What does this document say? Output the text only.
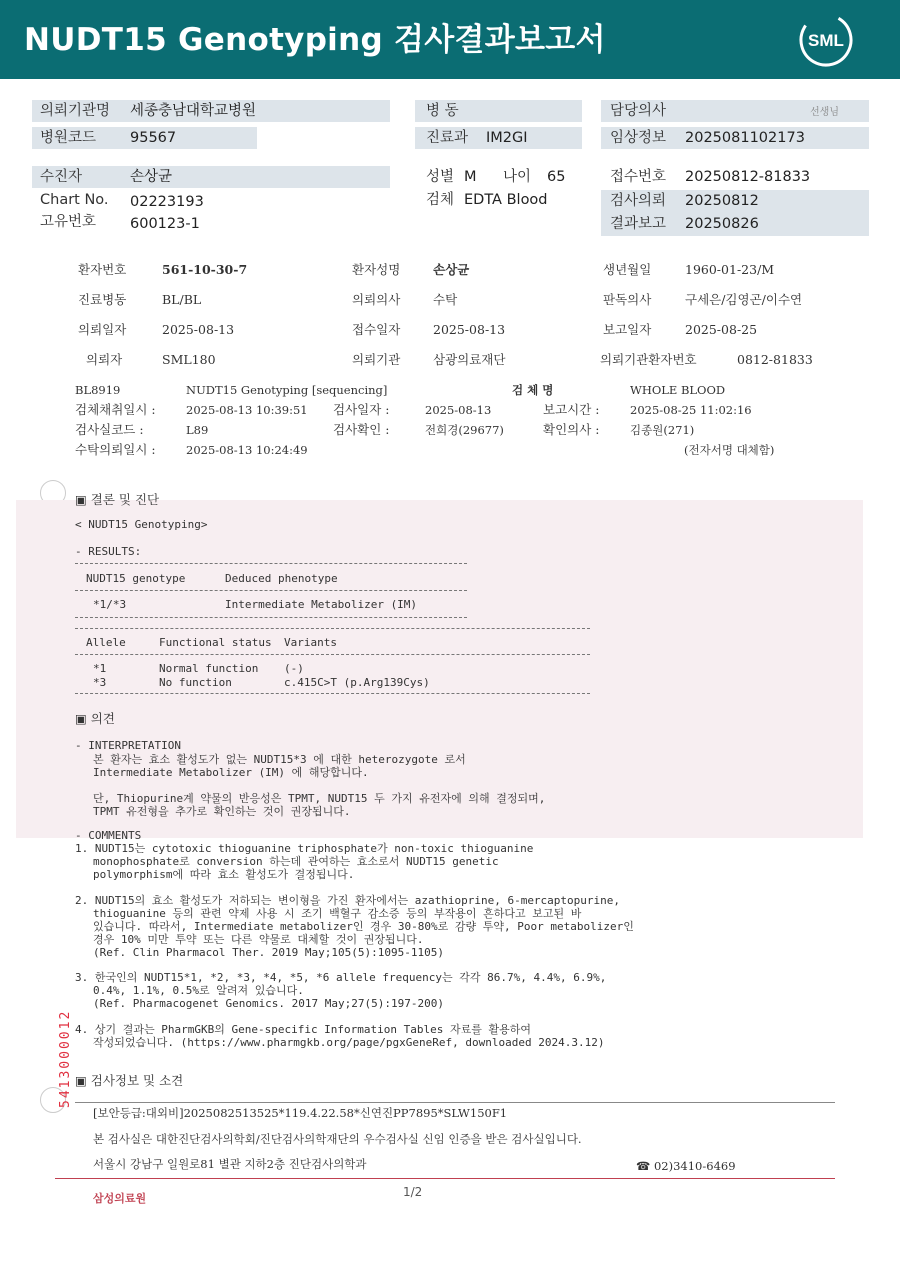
NUDT15 Genotyping 검사결과보고서	SML
의뢰기관명 세종충남대학교병원
병원코드 95567
병 동
진료과 IM2GI
담당의사	선생님
임상정보 2025081102173
수진자	손상균
Chart No. 02223193
고유번호 600123-1
성별 M 나이 65
검체 EDTA Blood
접수번호 20250812-81833
검사의뢰 20250812
결과보고 20250826
환자번호	561-10-30-7	환자성명	손상균	생년월일	1960-01-23/M
진료병동	BL/BL	의뢰의사	수탁	판독의사	구세은/김영곤/이수연
의뢰일자	2025-08-13	접수일자	2025-08-13	보고일자	2025-08-25
의뢰자	SML180	의뢰기관	삼광의료재단	의뢰기관환자번호	0812-81833
BL8919	NUDT15 Genotyping [sequencing]	검 체 명	WHOLE BLOOD
검체채취일시 :	2025-08-13 10:39:51 검사일자 :	2025-08-13	보고시간 :	2025-08-25 11:02:16
검사실코드 :	L89	검사확인 :	전희경(29677)	확인의사 :	김종원(271)
수탁의뢰일시 :	2025-08-13 10:24:49	(전자서명 대체함)
▣ 결론 및 진단
< NUDT15 Genotyping>
- RESULTS:
NUDT15 genotype	Deduced phenotype
*1/*3	Intermediate Metabolizer (IM)
Allele	Functional status Variants
*1	Normal function (-)
*3	No function	c.415C>T (p.Arg139Cys)
▣ 의견
- INTERPRETATION
본 환자는 효소 활성도가 없는 NUDT15*3 에 대한 heterozygote 로서
Intermediate Metabolizer (IM) 에 해당합니다.
단, Thiopurine계 약물의 반응성은 TPMT, NUDT15 두 가지 유전자에 의해 결정되며,
TPMT 유전형을 추가로 확인하는 것이 권장됩니다.
- COMMENTS
1. NUDT15는 cytotoxic thioguanine triphosphate가 non-toxic thioguanine
monophosphate로 conversion 하는데 관여하는 효소로서 NUDT15 genetic
polymorphism에 따라 효소 활성도가 결정됩니다.
2. NUDT15의 효소 활성도가 저하되는 변이형을 가진 환자에서는 azathioprine, 6-mercaptopurine,
thioguanine 등의 관련 약제 사용 시 조기 백혈구 감소증 등의 부작용이 흔하다고 보고된 바
있습니다. 따라서, Intermediate metabolizer인 경우 30-80%로 감량 투약, Poor metabolizer인
경우 10% 미만 투약 또는 다른 약물로 대체할 것이 권장됩니다.
(Ref. Clin Pharmacol Ther. 2019 May;105(5):1095-1105)
3. 한국인의 NUDT15*1, *2, *3, *4, *5, *6 allele frequency는 각각 86.7%, 4.4%, 6.9%,
0.4%, 1.1%, 0.5%로 알려져 있습니다.
(Ref. Pharmacogenet Genomics. 2017 May;27(5):197-200)
4. 상기 결과는 PharmGKB의 Gene-specific Information Tables 자료를 활용하여
작성되었습니다. (https://www.pharmgkb.org/page/pgxGeneRef, downloaded 2024.3.12)
5413000012 ▣ 검사정보 및 소견
[보안등급:대외비]2025082513525*119.4.22.58*신연진PP7895*SLW150F1
본 검사실은 대한진단검사의학회/진단검사의학재단의 우수검사실 신임 인증을 받은 검사실입니다.
서울시 강남구 일원로81 별관 지하2층 진단검사의학과	☎ 02)3410-6469
삼성의료원	1/2
